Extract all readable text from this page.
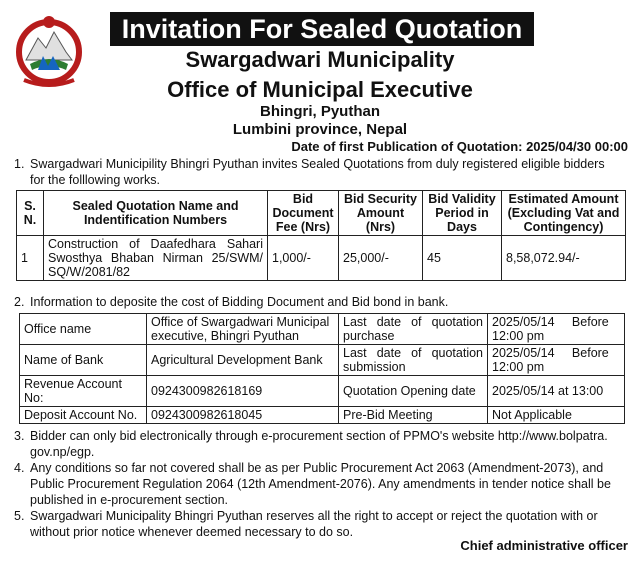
Invitation For Sealed Quotation
Swargadwari Municipality
Office of Municipal Executive
Bhingri, Pyuthan
Lumbini province, Nepal
Date of first Publication of Quotation: 2025/04/30 00:00
1. Swargadwari Municipility Bhingri Pyuthan invites Sealed Quotations from duly registered eligible bidders
for the folllowing works.
S. N.	Sealed Quotation Name and Indentification Numbers	Bid Document Fee (Nrs)	Bid Security Amount (Nrs)	Bid Validity Period in Days	Estimated Amount (Excluding Vat and Contingency)
1	Construction of Daafedhara Sahari Swosthya Bhaban Nirman 25/SWM/ SQ/W/2081/82	1,000/-	25,000/-	45	8,58,072.94/-
2. Information to deposite the cost of Bidding Document and Bid bond in bank.
Office name	Office of Swargadwari Municipal executive, Bhingri Pyuthan	Last date of quotation purchase	2025/05/14     Before 12:00 pm
Name of Bank	Agricultural Development Bank	Last date of quotation submission	2025/05/14     Before 12:00 pm
Revenue Account No:	0924300982618169	Quotation Opening date	2025/05/14 at 13:00
Deposit Account No.	0924300982618045	Pre-Bid Meeting	Not Applicable
3. Bidder can only bid electronically through e-procurement section of PPMO's website http://www.bolpatra.
gov.np/egp.
4. Any conditions so far not covered shall be as per Public Procurement Act 2063 (Amendment-2073), and
Public Procurement Regulation 2064 (12th Amendment-2076). Any amendments in tender notice shall be
published in e-procurement section.
5. Swargadwari Municipality Bhingri Pyuthan reserves all the right to accept or reject the quotation with or
without prior notice whenever deemed necessary to do so.
Chief administrative officer
